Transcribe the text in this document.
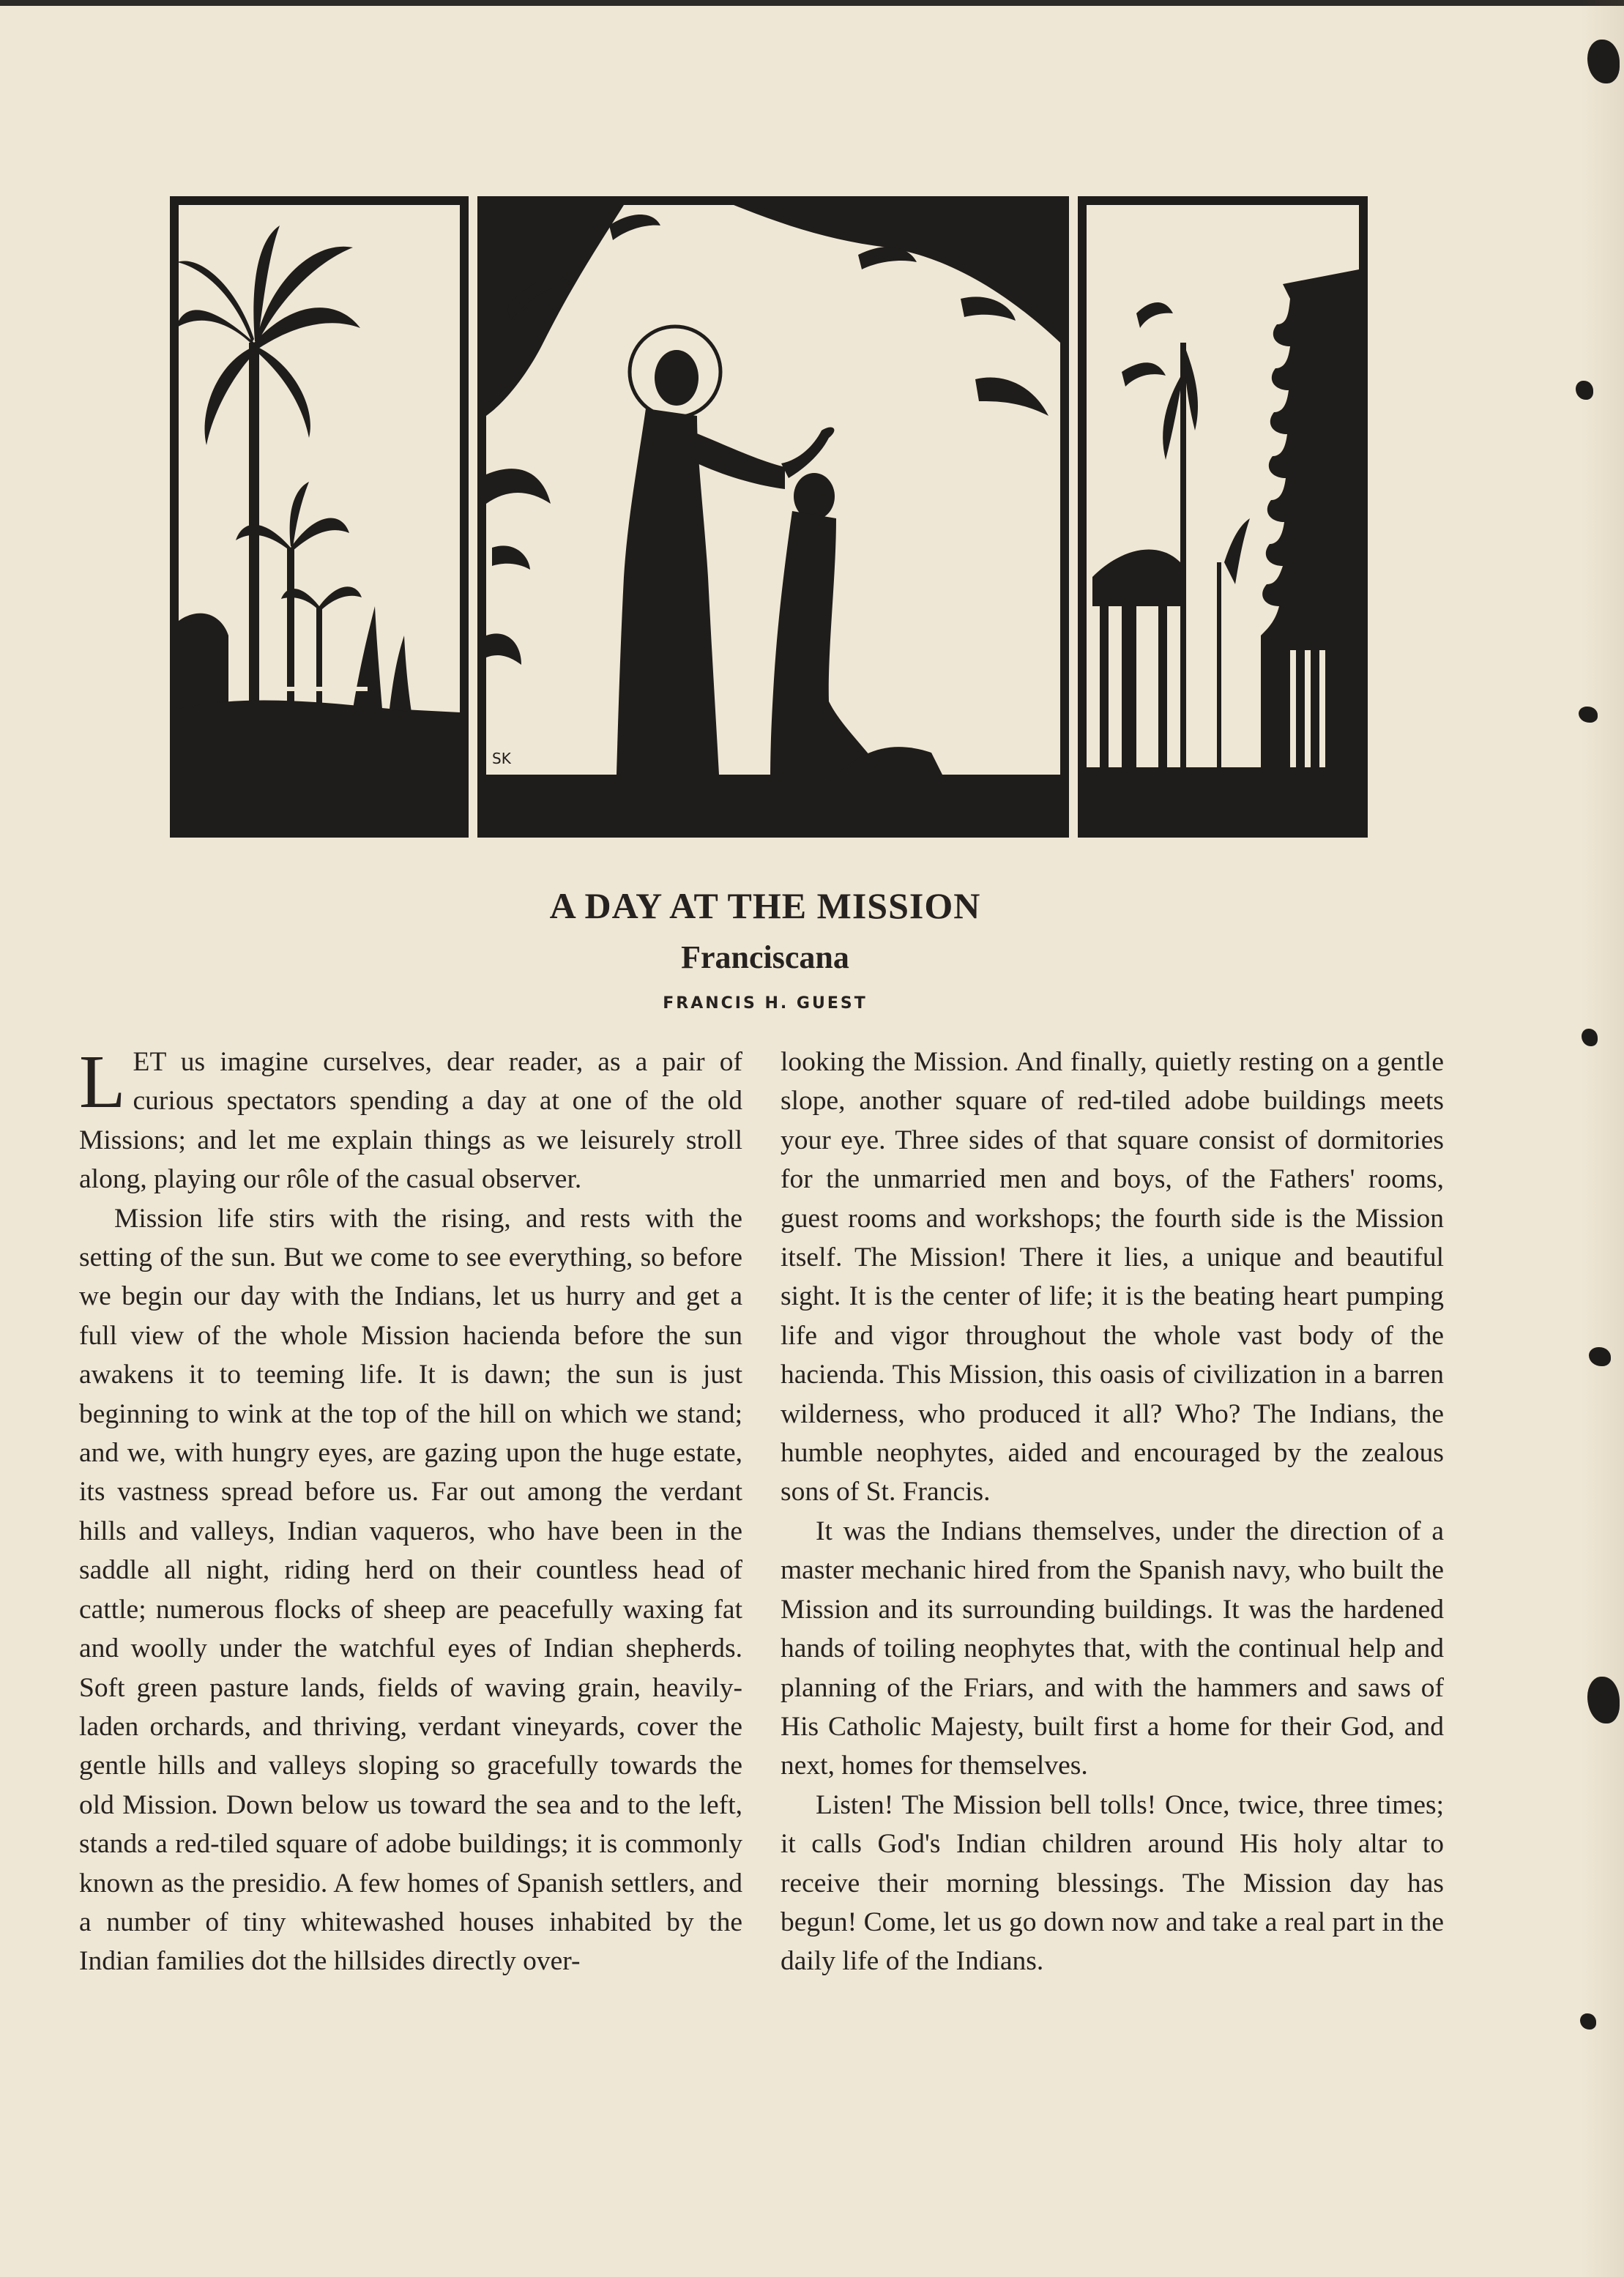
SK
A DAY AT THE MISSION
Franciscana
FRANCIS H. GUEST

LET us imagine curselves, dear reader, as a pair of curious spectators spending a day at one of the old Missions; and let me explain things as we leisurely stroll along, playing our rôle of the casual observer.

Mission life stirs with the rising, and rests with the setting of the sun. But we come to see everything, so before we begin our day with the Indians, let us hurry and get a full view of the whole Mission hacienda before the sun awakens it to teeming life. It is dawn; the sun is just beginning to wink at the top of the hill on which we stand; and we, with hungry eyes, are gazing upon the huge estate, its vastness spread before us. Far out among the verdant hills and valleys, Indian vaqueros, who have been in the saddle all night, riding herd on their countless head of cattle; numerous flocks of sheep are peacefully waxing fat and woolly under the watchful eyes of Indian shepherds. Soft green pasture lands, fields of waving grain, heavily-laden orchards, and thriving, verdant vineyards, cover the gentle hills and valleys sloping so gracefully towards the old Mission. Down below us toward the sea and to the left, stands a red-tiled square of adobe buildings; it is commonly known as the presidio. A few homes of Spanish settlers, and a number of tiny whitewashed houses inhabited by the Indian families dot the hillsides directly over-

looking the Mission. And finally, quietly resting on a gentle slope, another square of red-tiled adobe buildings meets your eye. Three sides of that square consist of dormitories for the unmarried men and boys, of the Fathers' rooms, guest rooms and workshops; the fourth side is the Mission itself. The Mission! There it lies, a unique and beautiful sight. It is the center of life; it is the beating heart pumping life and vigor throughout the whole vast body of the hacienda. This Mission, this oasis of civilization in a barren wilderness, who produced it all? Who? The Indians, the humble neophytes, aided and encouraged by the zealous sons of St. Francis.

It was the Indians themselves, under the direction of a master mechanic hired from the Spanish navy, who built the Mission and its surrounding buildings. It was the hardened hands of toiling neophytes that, with the continual help and planning of the Friars, and with the hammers and saws of His Catholic Majesty, built first a home for their God, and next, homes for themselves.

Listen! The Mission bell tolls! Once, twice, three times; it calls God's Indian children around His holy altar to receive their morning blessings. The Mission day has begun! Come, let us go down now and take a real part in the daily life of the Indians.
